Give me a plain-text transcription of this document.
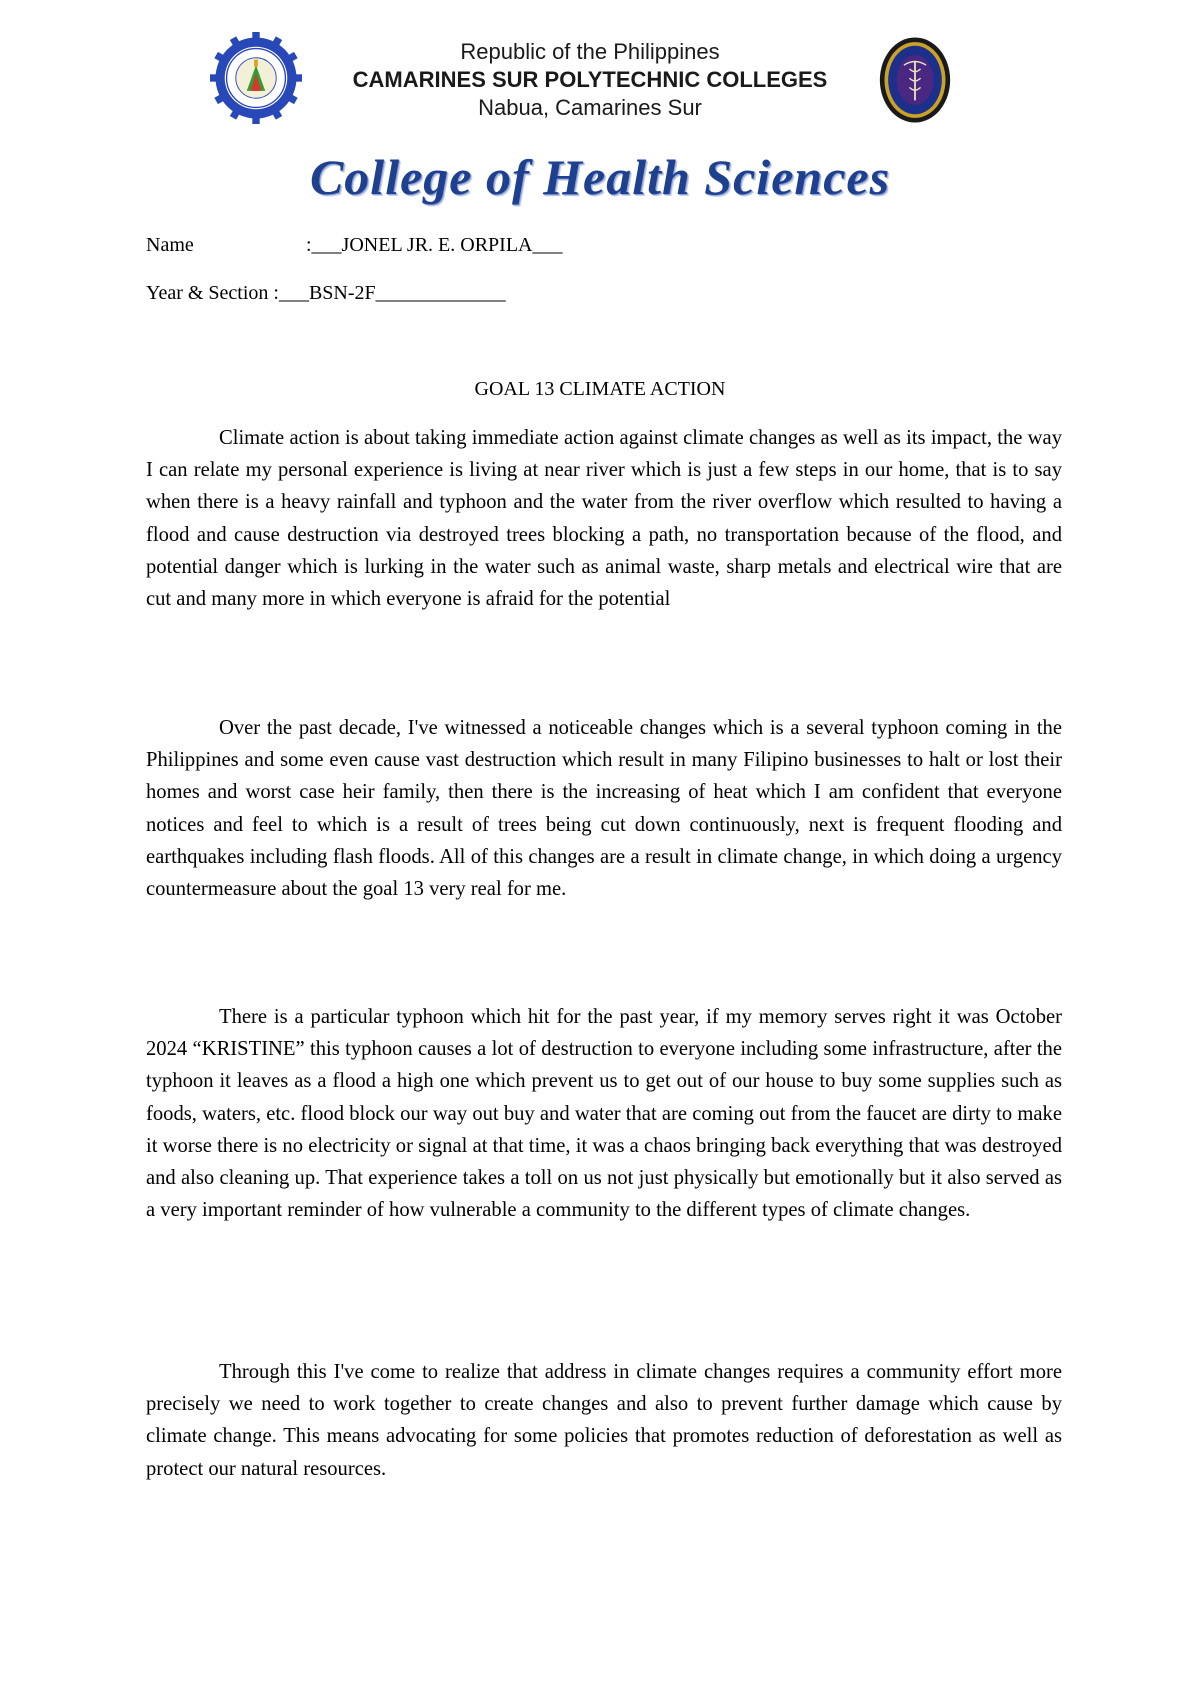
Republic of the Philippines
CAMARINES SUR POLYTECHNIC COLLEGES
Nabua, Camarines Sur
College of Health Sciences
Name	:___JONEL JR. E. ORPILA___
Year & Section :___BSN-2F_____________
GOAL 13 CLIMATE ACTION

Climate action is about taking immediate action against climate changes as well as its impact, the way I can relate my personal experience is living at near river which is just a few steps in our home, that is to say when there is a heavy rainfall and typhoon and the water from the river overflow which resulted to having a flood and cause destruction via destroyed trees blocking a path, no transportation because of the flood, and potential danger which is lurking in the water such as animal waste, sharp metals and electrical wire that are cut and many more in which everyone is afraid for the potential

Over the past decade, I've witnessed a noticeable changes which is a several typhoon coming in the Philippines and some even cause vast destruction which result in many Filipino businesses to halt or lost their homes and worst case heir family, then there is the increasing of heat which I am confident that everyone notices and feel to which is a result of trees being cut down continuously, next is frequent flooding and earthquakes including flash floods. All of this changes are a result in climate change, in which doing a urgency countermeasure about the goal 13 very real for me.

There is a particular typhoon which hit for the past year, if my memory serves right it was October 2024 “KRISTINE” this typhoon causes a lot of destruction to everyone including some infrastructure, after the typhoon it leaves as a flood a high one which prevent us to get out of our house to buy some supplies such as foods, waters, etc. flood block our way out buy and water that are coming out from the faucet are dirty to make it worse there is no electricity or signal at that time, it was a chaos bringing back everything that was destroyed and also cleaning up. That experience takes a toll on us not just physically but emotionally but it also served as a very important reminder of how vulnerable a community to the different types of climate changes.

Through this I've come to realize that address in climate changes requires a community effort more precisely we need to work together to create changes and also to prevent further damage which cause by climate change. This means advocating for some policies that promotes reduction of deforestation as well as protect our natural resources.
